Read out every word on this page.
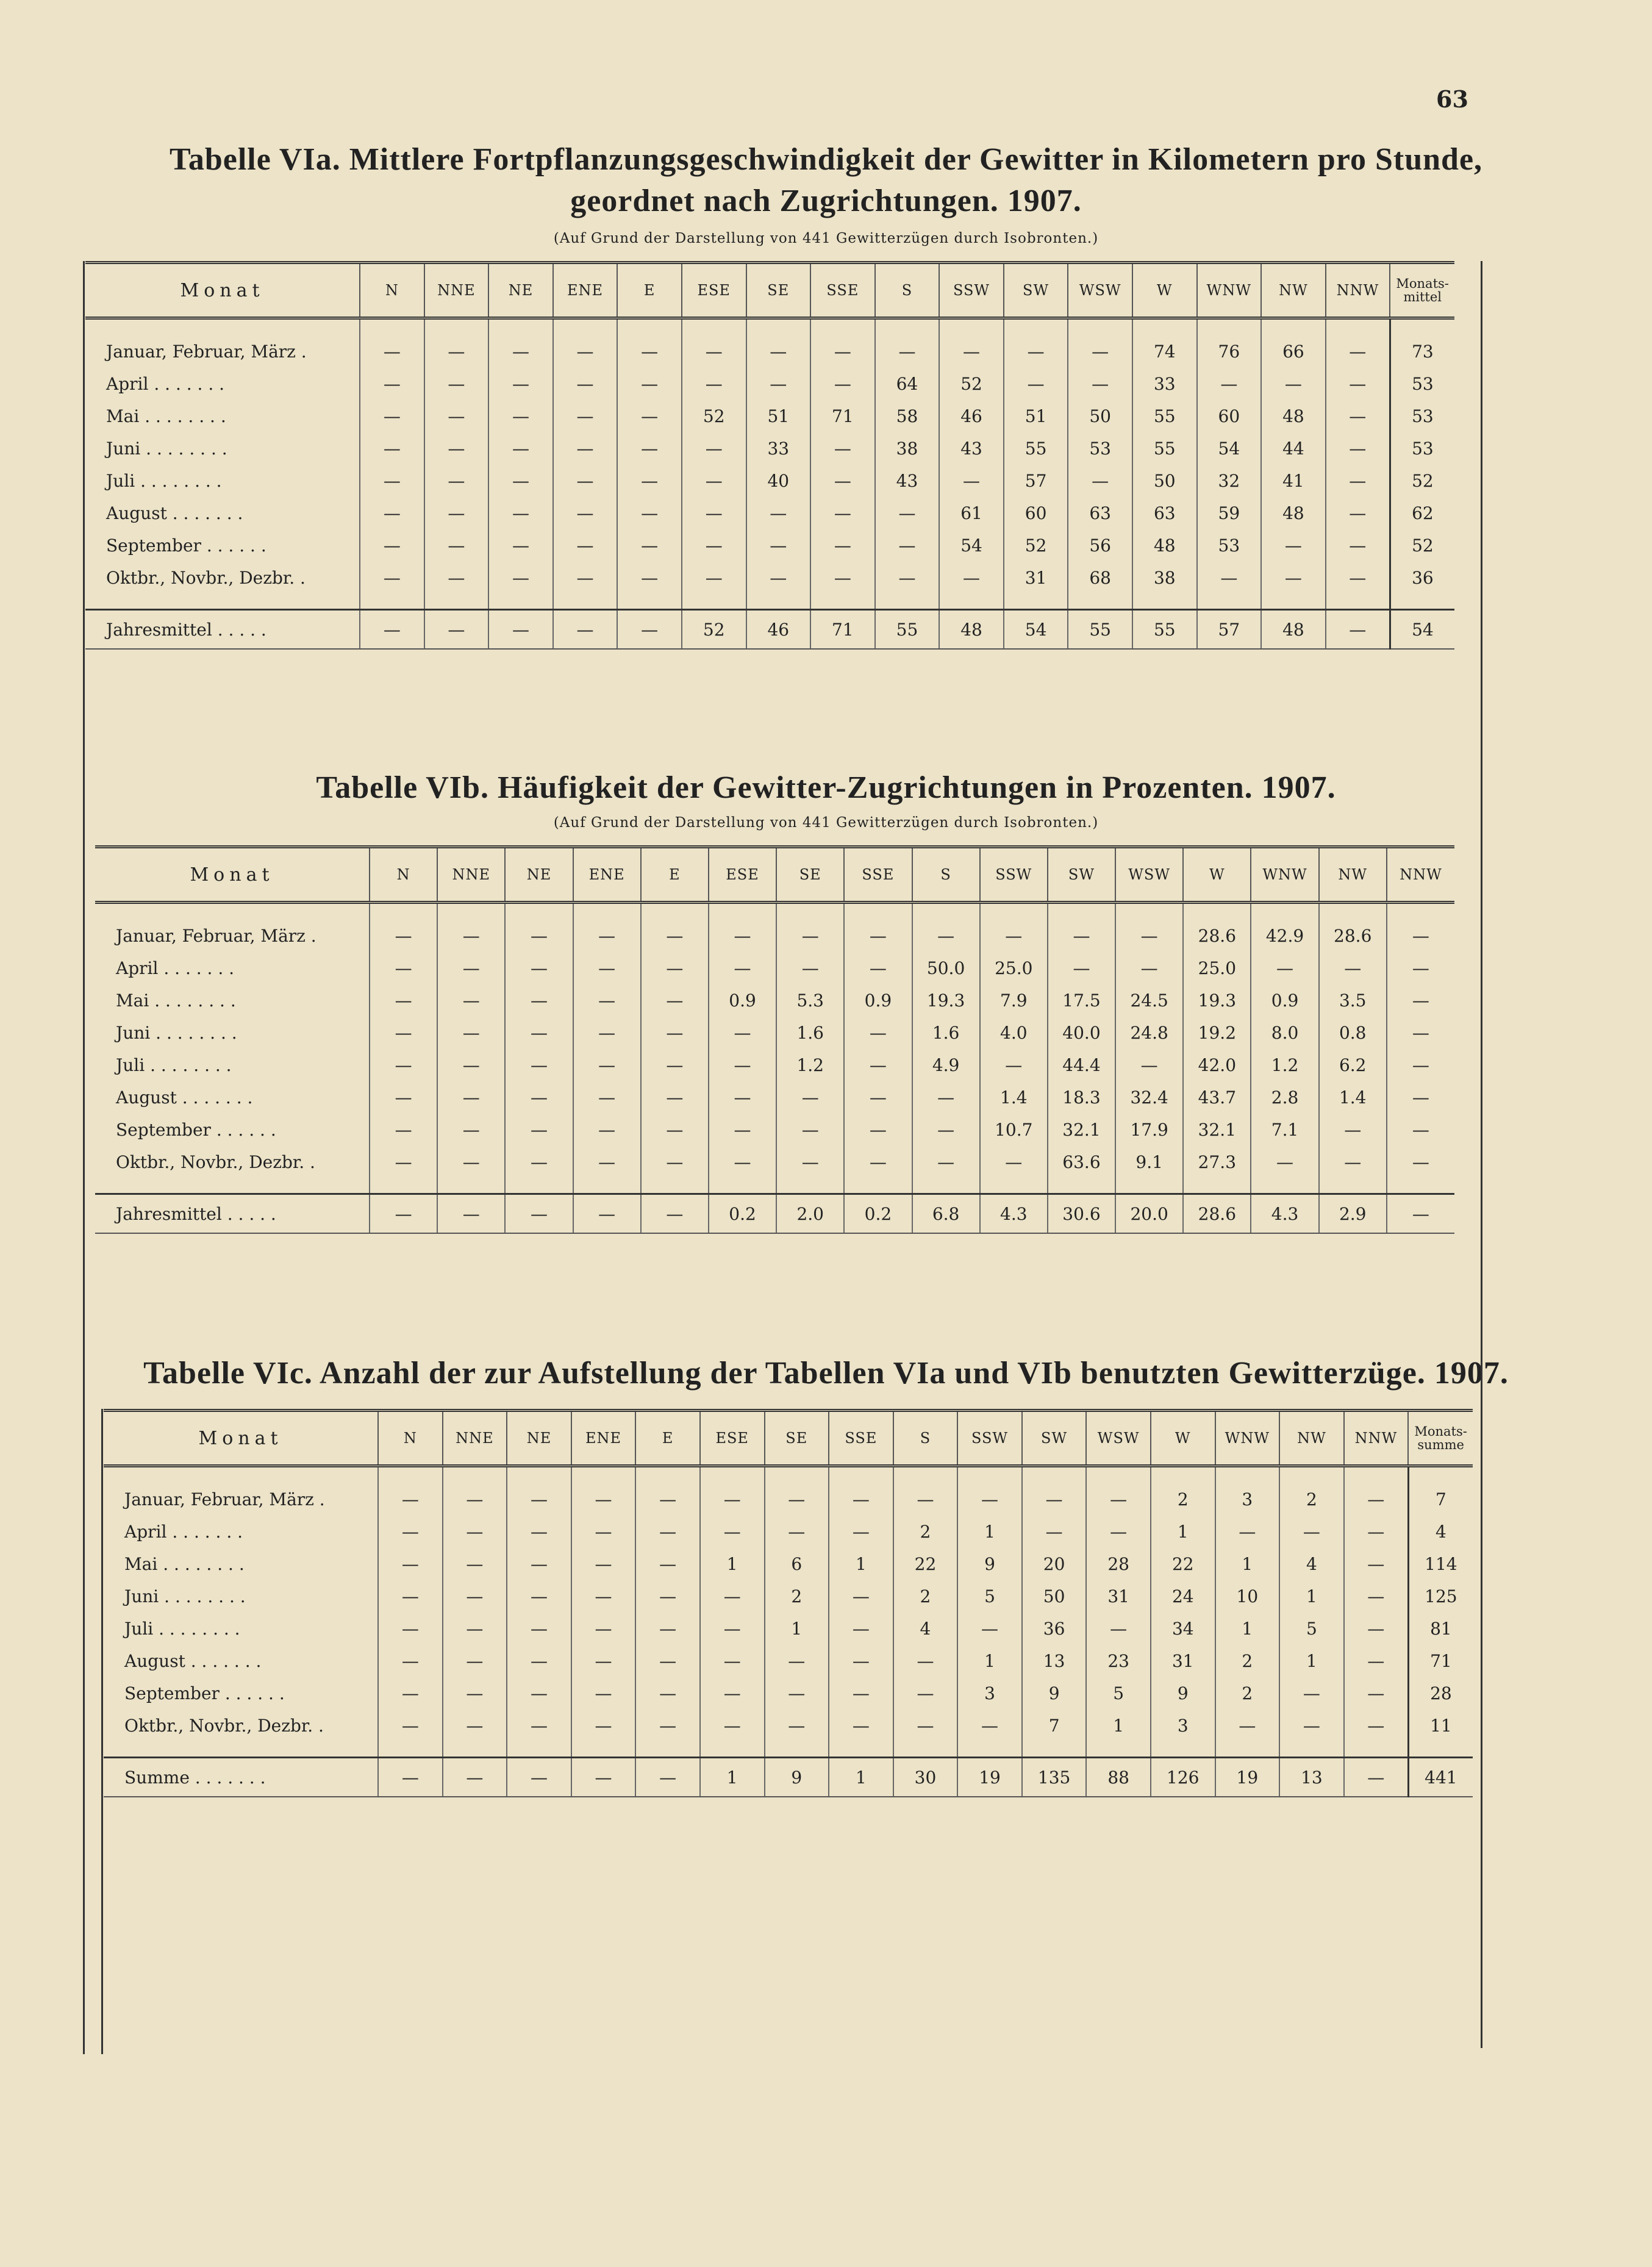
63
Tabelle VIa. Mittlere Fortpflanzungsgeschwindigkeit der Gewitter in Kilometern pro Stunde,
geordnet nach Zugrichtungen. 1907.
(Auf Grund der Darstellung von 441 Gewitterzügen durch Isobronten.)
Monat	N	NNE	NE	ENE	E	ESE	SE	SSE	S	SSW	SW	WSW	W	WNW	NW	NNW	Monats-
mittel
Januar, Februar, März .	—	—	—	—	—	—	—	—	—	—	—	—	74	76	66	—	73
April . . . . . . .	—	—	—	—	—	—	—	—	64	52	—	—	33	—	—	—	53
Mai . . . . . . . .	—	—	—	—	—	52	51	71	58	46	51	50	55	60	48	—	53
Juni . . . . . . . .	—	—	—	—	—	—	33	—	38	43	55	53	55	54	44	—	53
Juli . . . . . . . .	—	—	—	—	—	—	40	—	43	—	57	—	50	32	41	—	52
August . . . . . . .	—	—	—	—	—	—	—	—	—	61	60	63	63	59	48	—	62
September . . . . . .	—	—	—	—	—	—	—	—	—	54	52	56	48	53	—	—	52
Oktbr., Novbr., Dezbr. .	—	—	—	—	—	—	—	—	—	—	31	68	38	—	—	—	36

Jahresmittel . . . . .	—	—	—	—	—	52	46	71	55	48	54	55	55	57	48	—	54
Tabelle VIb. Häufigkeit der Gewitter-Zugrichtungen in Prozenten. 1907.
(Auf Grund der Darstellung von 441 Gewitterzügen durch Isobronten.)
Monat	N	NNE	NE	ENE	E	ESE	SE	SSE	S	SSW	SW	WSW	W	WNW	NW	NNW
Januar, Februar, März .	—	—	—	—	—	—	—	—	—	—	—	—	28.6	42.9	28.6	—
April . . . . . . .	—	—	—	—	—	—	—	—	50.0	25.0	—	—	25.0	—	—	—
Mai . . . . . . . .	—	—	—	—	—	0.9	5.3	0.9	19.3	7.9	17.5	24.5	19.3	0.9	3.5	—
Juni . . . . . . . .	—	—	—	—	—	—	1.6	—	1.6	4.0	40.0	24.8	19.2	8.0	0.8	—
Juli . . . . . . . .	—	—	—	—	—	—	1.2	—	4.9	—	44.4	—	42.0	1.2	6.2	—
August . . . . . . .	—	—	—	—	—	—	—	—	—	1.4	18.3	32.4	43.7	2.8	1.4	—
September . . . . . .	—	—	—	—	—	—	—	—	—	10.7	32.1	17.9	32.1	7.1	—	—
Oktbr., Novbr., Dezbr. .	—	—	—	—	—	—	—	—	—	—	63.6	9.1	27.3	—	—	—

Jahresmittel . . . . .	—	—	—	—	—	0.2	2.0	0.2	6.8	4.3	30.6	20.0	28.6	4.3	2.9	—
Tabelle VIc. Anzahl der zur Aufstellung der Tabellen VIa und VIb benutzten Gewitterzüge. 1907.
Monat	N	NNE	NE	ENE	E	ESE	SE	SSE	S	SSW	SW	WSW	W	WNW	NW	NNW	Monats-
summe
Januar, Februar, März .	—	—	—	—	—	—	—	—	—	—	—	—	2	3	2	—	7
April . . . . . . .	—	—	—	—	—	—	—	—	2	1	—	—	1	—	—	—	4
Mai . . . . . . . .	—	—	—	—	—	1	6	1	22	9	20	28	22	1	4	—	114
Juni . . . . . . . .	—	—	—	—	—	—	2	—	2	5	50	31	24	10	1	—	125
Juli . . . . . . . .	—	—	—	—	—	—	1	—	4	—	36	—	34	1	5	—	81
August . . . . . . .	—	—	—	—	—	—	—	—	—	1	13	23	31	2	1	—	71
September . . . . . .	—	—	—	—	—	—	—	—	—	3	9	5	9	2	—	—	28
Oktbr., Novbr., Dezbr. .	—	—	—	—	—	—	—	—	—	—	7	1	3	—	—	—	11

Summe . . . . . . .	—	—	—	—	—	1	9	1	30	19	135	88	126	19	13	—	441
